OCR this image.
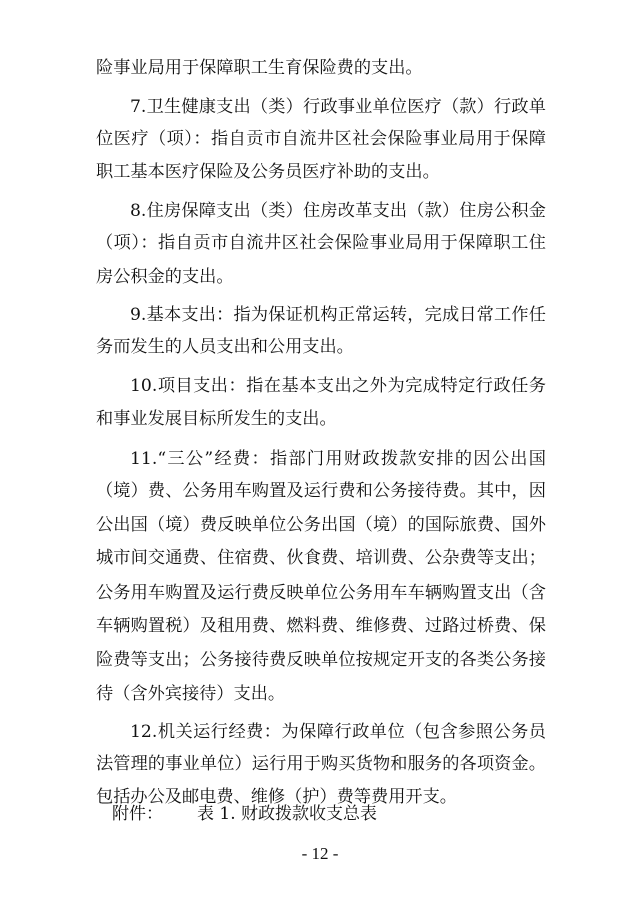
险事业局用于保障职工生育保险费的支出。
7.卫生健康支出（类）行政事业单位医疗（款）行政单
位医疗（项）：指自贡市自流井区社会保险事业局用于保障
职工基本医疗保险及公务员医疗补助的支出。
8.住房保障支出（类）住房改革支出（款）住房公积金
（项）：指自贡市自流井区社会保险事业局用于保障职工住
房公积金的支出。
9.基本支出：指为保证机构正常运转，完成日常工作任
务而发生的人员支出和公用支出。
10.项目支出：指在基本支出之外为完成特定行政任务
和事业发展目标所发生的支出。
11.“三公”经费：指部门用财政拨款安排的因公出国
（境）费、公务用车购置及运行费和公务接待费。其中，因
公出国（境）费反映单位公务出国（境）的国际旅费、国外
城市间交通费、住宿费、伙食费、培训费、公杂费等支出；
公务用车购置及运行费反映单位公务用车车辆购置支出（含
车辆购置税）及租用费、燃料费、维修费、过路过桥费、保
险费等支出；公务接待费反映单位按规定开支的各类公务接
待（含外宾接待）支出。
12.机关运行经费：为保障行政单位（包含参照公务员
法管理的事业单位）运行用于购买货物和服务的各项资金。
包括办公及邮电费、维修（护）费等费用开支。
附件： 表 1. 财政拨款收支总表
- 12 -
